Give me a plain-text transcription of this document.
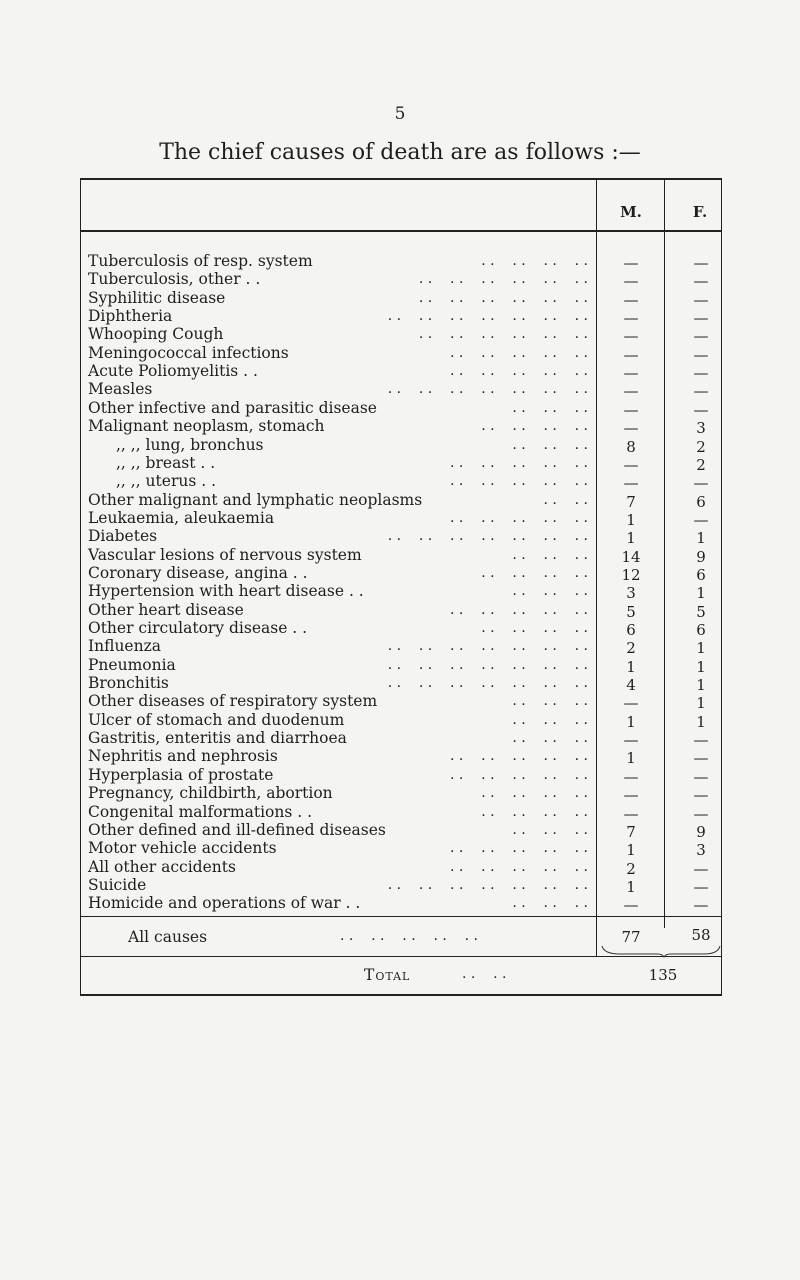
5
The chief causes of death are as follows :—
M.	F.
Tuberculosis of resp. system	. .    . .    . .    . .	—	—
Tuberculosis, other . .	. .    . .    . .    . .    . .    . .	—	—
Syphilitic disease	. .    . .    . .    . .    . .    . .	—	—
Diphtheria	. .    . .    . .    . .    . .    . .    . .	—	—
Whooping Cough	. .    . .    . .    . .    . .    . .	—	—
Meningococcal infections	. .    . .    . .    . .    . .	—	—
Acute Poliomyelitis . .	. .    . .    . .    . .    . .	—	—
Measles	. .    . .    . .    . .    . .    . .    . .	—	—
Other infective and parasitic disease	. .    . .    . .	—	—
Malignant neoplasm, stomach	. .    . .    . .    . .	—	3
,, ,, lung, bronchus	. .    . .    . .	8	2
,, ,, breast . .	. .    . .    . .    . .    . .	—	2
,, ,, uterus . .	. .    . .    . .    . .    . .	—	—
Other malignant and lymphatic neoplasms	. .    . .	7	6
Leukaemia, aleukaemia	. .    . .    . .    . .    . .	1	—
Diabetes	. .    . .    . .    . .    . .    . .    . .	1	1
Vascular lesions of nervous system	. .    . .    . .	14	9
Coronary disease, angina . .	. .    . .    . .    . .	12	6
Hypertension with heart disease . .	. .    . .    . .	3	1
Other heart disease	. .    . .    . .    . .    . .	5	5
Other circulatory disease . .	. .    . .    . .    . .	6	6
Influenza	. .    . .    . .    . .    . .    . .    . .	2	1
Pneumonia	. .    . .    . .    . .    . .    . .    . .	1	1
Bronchitis	. .    . .    . .    . .    . .    . .    . .	4	1
Other diseases of respiratory system	. .    . .    . .	—	1
Ulcer of stomach and duodenum	. .    . .    . .	1	1
Gastritis, enteritis and diarrhoea	. .    . .    . .	—	—
Nephritis and nephrosis	. .    . .    . .    . .    . .	1	—
Hyperplasia of prostate	. .    . .    . .    . .    . .	—	—
Pregnancy, childbirth, abortion	. .    . .    . .    . .	—	—
Congenital malformations . .	. .    . .    . .    . .	—	—
Other defined and ill-defined diseases	. .    . .    . .	7	9
Motor vehicle accidents	. .    . .    . .    . .    . .	1	3
All other accidents	. .    . .    . .    . .    . .	2	—
Suicide	. .    . .    . .    . .    . .    . .    . .	1	—
Homicide and operations of war . .	. .    . .    . .	—	—
All causes	. .    . .    . .    . .    . .	77	58
Total	. .    . .	135
